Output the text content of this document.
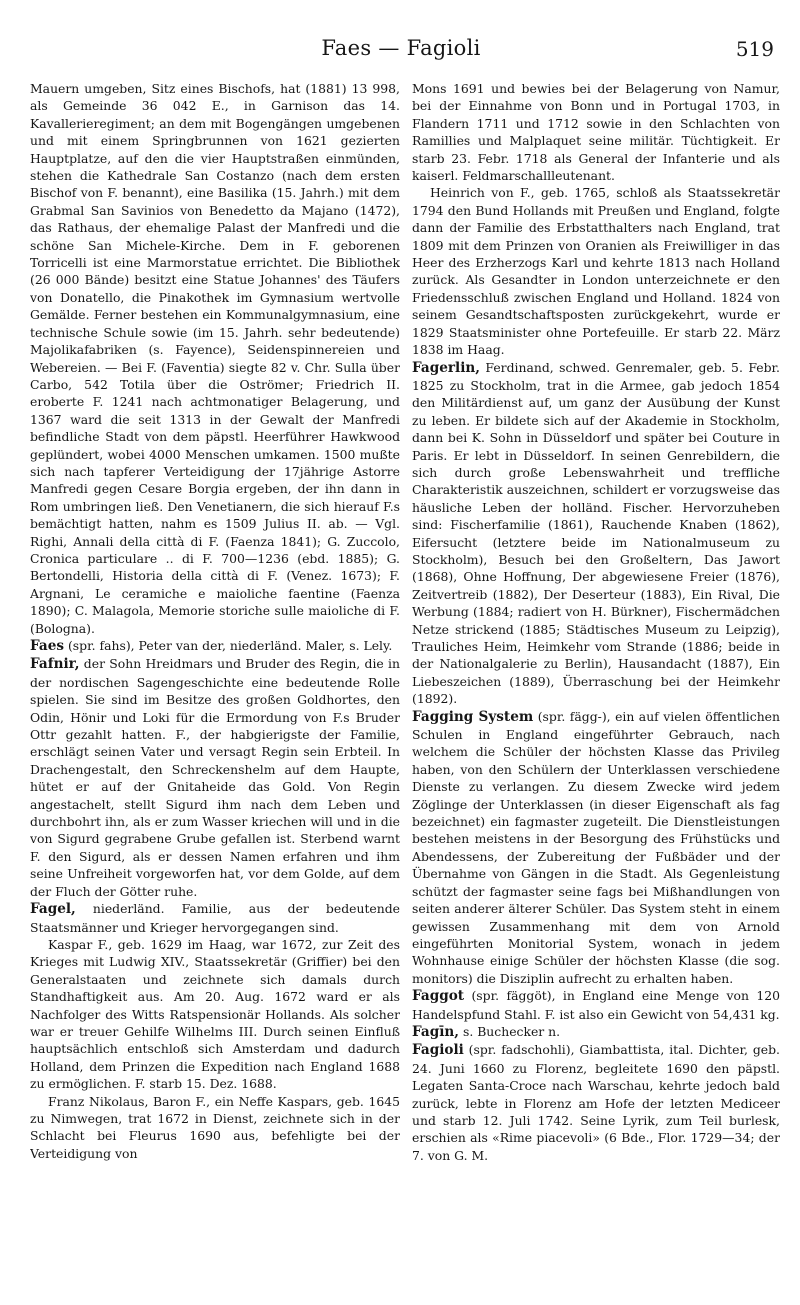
Faes — Fagioli	519

Mauern umgeben, Sitz eines Bischofs, hat (1881) 13 998, als Gemeinde 36 042 E., in Garnison das 14. Kavallerieregiment; an dem mit Bogengängen umgebenen und mit einem Springbrunnen von 1621 gezierten Hauptplatze, auf den die vier Hauptstraßen einmünden, stehen die Kathedrale San Costanzo (nach dem ersten Bischof von F. benannt), eine Basilika (15. Jahrh.) mit dem Grabmal San Savinios von Benedetto da Majano (1472), das Rathaus, der ehemalige Palast der Manfredi und die schöne San Michele-Kirche. Dem in F. geborenen Torricelli ist eine Marmorstatue errichtet. Die Bibliothek (26 000 Bände) besitzt eine Statue Johannes' des Täufers von Donatello, die Pinakothek im Gymnasium wertvolle Gemälde. Ferner bestehen ein Kommunalgymnasium, eine technische Schule sowie (im 15. Jahrh. sehr bedeutende) Majolikafabriken (s. Fayence), Seidenspinnereien und Webereien. — Bei F. (Faventia) siegte 82 v. Chr. Sulla über Carbo, 542 Totila über die Oströmer; Friedrich II. eroberte F. 1241 nach achtmonatiger Belagerung, und 1367 ward die seit 1313 in der Gewalt der Manfredi befindliche Stadt von dem päpstl. Heerführer Hawkwood geplündert, wobei 4000 Menschen umkamen. 1500 mußte sich nach tapferer Verteidigung der 17jährige Astorre Manfredi gegen Cesare Borgia ergeben, der ihn dann in Rom umbringen ließ. Den Venetianern, die sich hierauf F.s bemächtigt hatten, nahm es 1509 Julius II. ab. — Vgl. Righi, Annali della città di F. (Faenza 1841); G. Zuccolo, Cronica particulare .. di F. 700—1236 (ebd. 1885); G. Bertondelli, Historia della città di F. (Venez. 1673); F. Argnani, Le ceramiche e maioliche faentine (Faenza 1890); C. Malagola, Memorie storiche sulle maioliche di F. (Bologna).

Faes (spr. fahs), Peter van der, niederländ. Maler, s. Lely.

Fafnir, der Sohn Hreidmars und Bruder des Regin, die in der nordischen Sagengeschichte eine bedeutende Rolle spielen. Sie sind im Besitze des großen Goldhortes, den Odin, Hönir und Loki für die Ermordung von F.s Bruder Ottr gezahlt hatten. F., der habgierigste der Familie, erschlägt seinen Vater und versagt Regin sein Erbteil. In Drachengestalt, den Schreckenshelm auf dem Haupte, hütet er auf der Gnitaheide das Gold. Von Regin angestachelt, stellt Sigurd ihm nach dem Leben und durchbohrt ihn, als er zum Wasser kriechen will und in die von Sigurd gegrabene Grube gefallen ist. Sterbend warnt F. den Sigurd, als er dessen Namen erfahren und ihm seine Unfreiheit vorgeworfen hat, vor dem Golde, auf dem der Fluch der Götter ruhe.

Fagel, niederländ. Familie, aus der bedeutende Staatsmänner und Krieger hervorgegangen sind.

Kaspar F., geb. 1629 im Haag, war 1672, zur Zeit des Krieges mit Ludwig XIV., Staatssekretär (Griffier) bei den Generalstaaten und zeichnete sich damals durch Standhaftigkeit aus. Am 20. Aug. 1672 ward er als Nachfolger des Witts Ratspensionär Hollands. Als solcher war er treuer Gehilfe Wilhelms III. Durch seinen Einfluß hauptsächlich entschloß sich Amsterdam und dadurch Holland, dem Prinzen die Expedition nach England 1688 zu ermöglichen. F. starb 15. Dez. 1688.

Franz Nikolaus, Baron F., ein Neffe Kaspars, geb. 1645 zu Nimwegen, trat 1672 in Dienst, zeichnete sich in der Schlacht bei Fleurus 1690 aus, befehligte bei der Verteidigung von

Mons 1691 und bewies bei der Belagerung von Namur, bei der Einnahme von Bonn und in Portugal 1703, in Flandern 1711 und 1712 sowie in den Schlachten von Ramillies und Malplaquet seine militär. Tüchtigkeit. Er starb 23. Febr. 1718 als General der Infanterie und als kaiserl. Feldmarschallleutenant.

Heinrich von F., geb. 1765, schloß als Staatssekretär 1794 den Bund Hollands mit Preußen und England, folgte dann der Familie des Erbstatthalters nach England, trat 1809 mit dem Prinzen von Oranien als Freiwilliger in das Heer des Erzherzogs Karl und kehrte 1813 nach Holland zurück. Als Gesandter in London unterzeichnete er den Friedensschluß zwischen England und Holland. 1824 von seinem Gesandtschaftsposten zurückgekehrt, wurde er 1829 Staatsminister ohne Portefeuille. Er starb 22. März 1838 im Haag.

Fagerlin, Ferdinand, schwed. Genremaler, geb. 5. Febr. 1825 zu Stockholm, trat in die Armee, gab jedoch 1854 den Militärdienst auf, um ganz der Ausübung der Kunst zu leben. Er bildete sich auf der Akademie in Stockholm, dann bei K. Sohn in Düsseldorf und später bei Couture in Paris. Er lebt in Düsseldorf. In seinen Genrebildern, die sich durch große Lebenswahrheit und treffliche Charakteristik auszeichnen, schildert er vorzugsweise das häusliche Leben der holländ. Fischer. Hervorzuheben sind: Fischerfamilie (1861), Rauchende Knaben (1862), Eifersucht (letztere beide im Nationalmuseum zu Stockholm), Besuch bei den Großeltern, Das Jawort (1868), Ohne Hoffnung, Der abgewiesene Freier (1876), Zeitvertreib (1882), Der Deserteur (1883), Ein Rival, Die Werbung (1884; radiert von H. Bürkner), Fischermädchen Netze strickend (1885; Städtisches Museum zu Leipzig), Trauliches Heim, Heimkehr vom Strande (1886; beide in der Nationalgalerie zu Berlin), Hausandacht (1887), Ein Liebeszeichen (1889), Überraschung bei der Heimkehr (1892).

Fagging System (spr. fägg-), ein auf vielen öffentlichen Schulen in England eingeführter Gebrauch, nach welchem die Schüler der höchsten Klasse das Privileg haben, von den Schülern der Unterklassen verschiedene Dienste zu verlangen. Zu diesem Zwecke wird jedem Zöglinge der Unterklassen (in dieser Eigenschaft als fag bezeichnet) ein fagmaster zugeteilt. Die Dienstleistungen bestehen meistens in der Besorgung des Frühstücks und Abendessens, der Zubereitung der Fußbäder und der Übernahme von Gängen in die Stadt. Als Gegenleistung schützt der fagmaster seine fags bei Mißhandlungen von seiten anderer älterer Schüler. Das System steht in einem gewissen Zusammenhang mit dem von Arnold eingeführten Monitorial System, wonach in jedem Wohnhause einige Schüler der höchsten Klasse (die sog. monitors) die Disziplin aufrecht zu erhalten haben.

Faggot (spr. fäggöt), in England eine Menge von 120 Handelspfund Stahl. F. ist also ein Gewicht von 54,431 kg.

Fagīn, s. Buchecker n.

Fagioli (spr. fadschohli), Giambattista, ital. Dichter, geb. 24. Juni 1660 zu Florenz, begleitete 1690 den päpstl. Legaten Santa-Croce nach Warschau, kehrte jedoch bald zurück, lebte in Florenz am Hofe der letzten Mediceer und starb 12. Juli 1742. Seine Lyrik, zum Teil burlesk, erschien als «Rime piacevoli» (6 Bde., Flor. 1729—34; der 7. von G. M.
